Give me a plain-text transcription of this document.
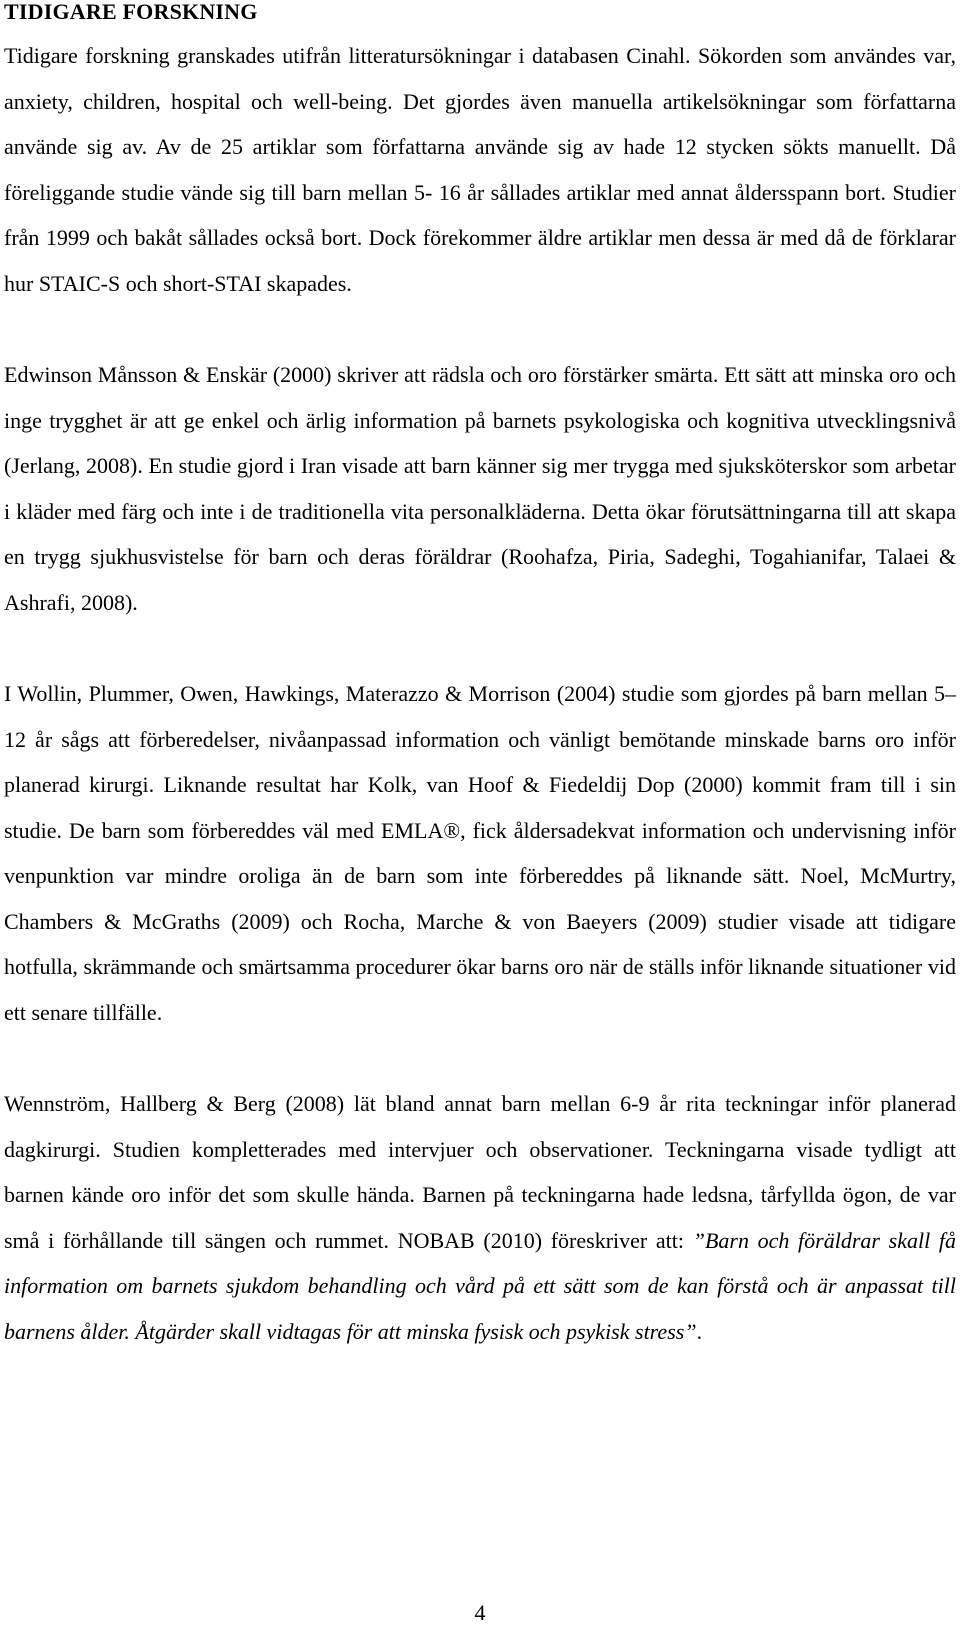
TIDIGARE FORSKNING

Tidigare forskning granskades utifrån litteratursökningar i databasen Cinahl. Sökorden som användes var, anxiety, children, hospital och well-being. Det gjordes även manuella artikelsökningar som författarna använde sig av. Av de 25 artiklar som författarna använde sig av hade 12 stycken sökts manuellt. Då föreliggande studie vände sig till barn mellan 5- 16 år sållades artiklar med annat åldersspann bort. Studier från 1999 och bakåt sållades också bort. Dock förekommer äldre artiklar men dessa är med då de förklarar hur STAIC-S och short-STAI skapades.

Edwinson Månsson & Enskär (2000) skriver att rädsla och oro förstärker smärta. Ett sätt att minska oro och inge trygghet är att ge enkel och ärlig information på barnets psykologiska och kognitiva utvecklingsnivå (Jerlang, 2008). En studie gjord i Iran visade att barn känner sig mer trygga med sjuksköterskor som arbetar i kläder med färg och inte i de traditionella vita personalkläderna. Detta ökar förutsättningarna till att skapa en trygg sjukhusvistelse för barn och deras föräldrar (Roohafza, Piria, Sadeghi, Togahianifar, Talaei & Ashrafi, 2008).

I Wollin, Plummer, Owen, Hawkings, Materazzo & Morrison (2004) studie som gjordes på barn mellan 5–12 år sågs att förberedelser, nivåanpassad information och vänligt bemötande minskade barns oro inför planerad kirurgi. Liknande resultat har Kolk, van Hoof & Fiedeldij Dop (2000) kommit fram till i sin studie. De barn som förbereddes väl med EMLA®, fick åldersadekvat information och undervisning inför venpunktion var mindre oroliga än de barn som inte förbereddes på liknande sätt. Noel, McMurtry, Chambers & McGraths (2009) och Rocha, Marche & von Baeyers (2009) studier visade att tidigare hotfulla, skrämmande och smärtsamma procedurer ökar barns oro när de ställs inför liknande situationer vid ett senare tillfälle.

Wennström, Hallberg & Berg (2008) lät bland annat barn mellan 6-9 år rita teckningar inför planerad dagkirurgi. Studien kompletterades med intervjuer och observationer. Teckningarna visade tydligt att barnen kände oro inför det som skulle hända. Barnen på teckningarna hade ledsna, tårfyllda ögon, de var små i förhållande till sängen och rummet. NOBAB (2010) föreskriver att: ”Barn och föräldrar skall få information om barnets sjukdom behandling och vård på ett sätt som de kan förstå och är anpassat till barnens ålder. Åtgärder skall vidtagas för att minska fysisk och psykisk stress”.

4
